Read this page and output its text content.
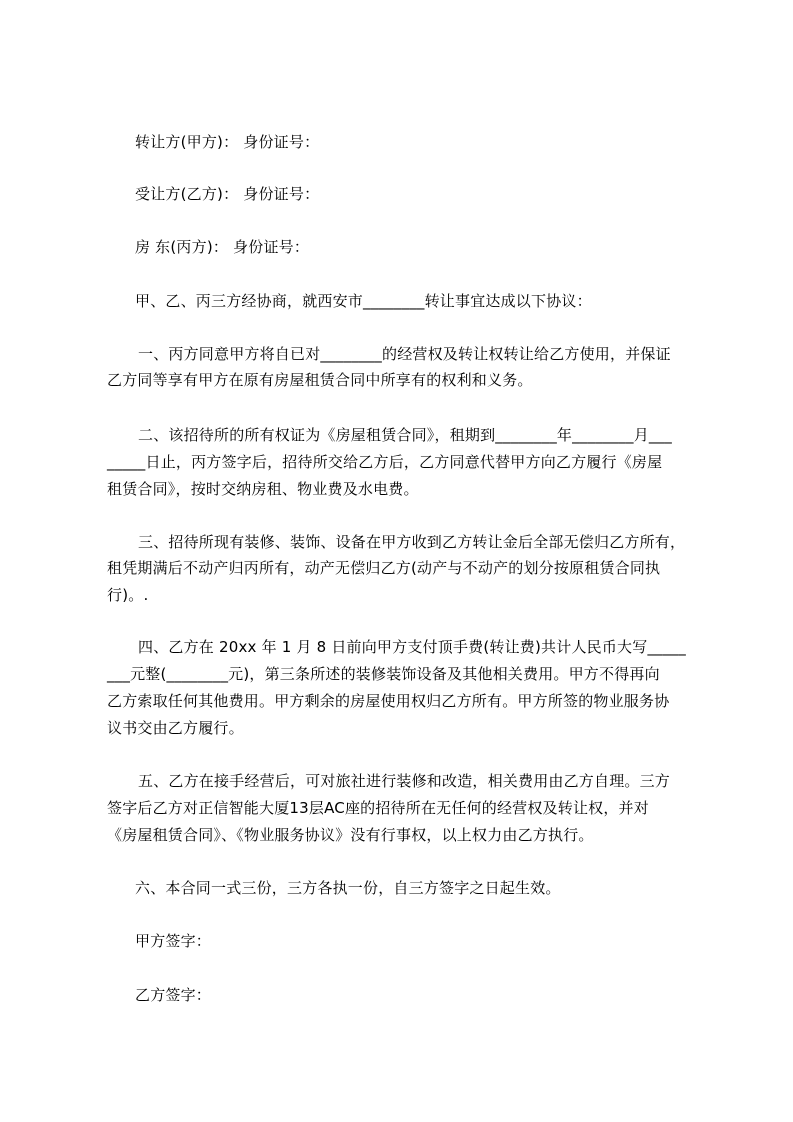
转让方(甲方)： 身份证号：
受让方(乙方)： 身份证号：
房 东(丙方)： 身份证号：
甲、乙、丙三方经协商，就西安市________转让事宜达成以下协议：
一、丙方同意甲方将自已对________的经营权及转让权转让给乙方使用，并保证
乙方同等享有甲方在原有房屋租赁合同中所享有的权利和义务。
二、该招待所的所有权证为《房屋租赁合同》，租期到________年________月___
_____日止，丙方签字后，招待所交给乙方后，乙方同意代替甲方向乙方履行《房屋
租赁合同》，按时交纳房租、物业费及水电费。
三、招待所现有装修、装饰、设备在甲方收到乙方转让金后全部无偿归乙方所有，
租凭期满后不动产归丙所有，动产无偿归乙方(动产与不动产的划分按原租赁合同执
行)。.
四、乙方在 20xx 年 1 月 8 日前向甲方支付顶手费(转让费)共计人民币大写_____
___元整(________元)，第三条所述的装修装饰设备及其他相关费用。甲方不得再向
乙方索取任何其他费用。甲方剩余的房屋使用权归乙方所有。甲方所签的物业服务协
议书交由乙方履行。
五、乙方在接手经营后，可对旅社进行装修和改造，相关费用由乙方自理。三方
签字后乙方对正信智能大厦13层AC座的招待所在无任何的经营权及转让权，并对
《房屋租赁合同》、《物业服务协议》没有行事权，以上权力由乙方执行。
六、本合同一式三份，三方各执一份，自三方签字之日起生效。
甲方签字：
乙方签字：
